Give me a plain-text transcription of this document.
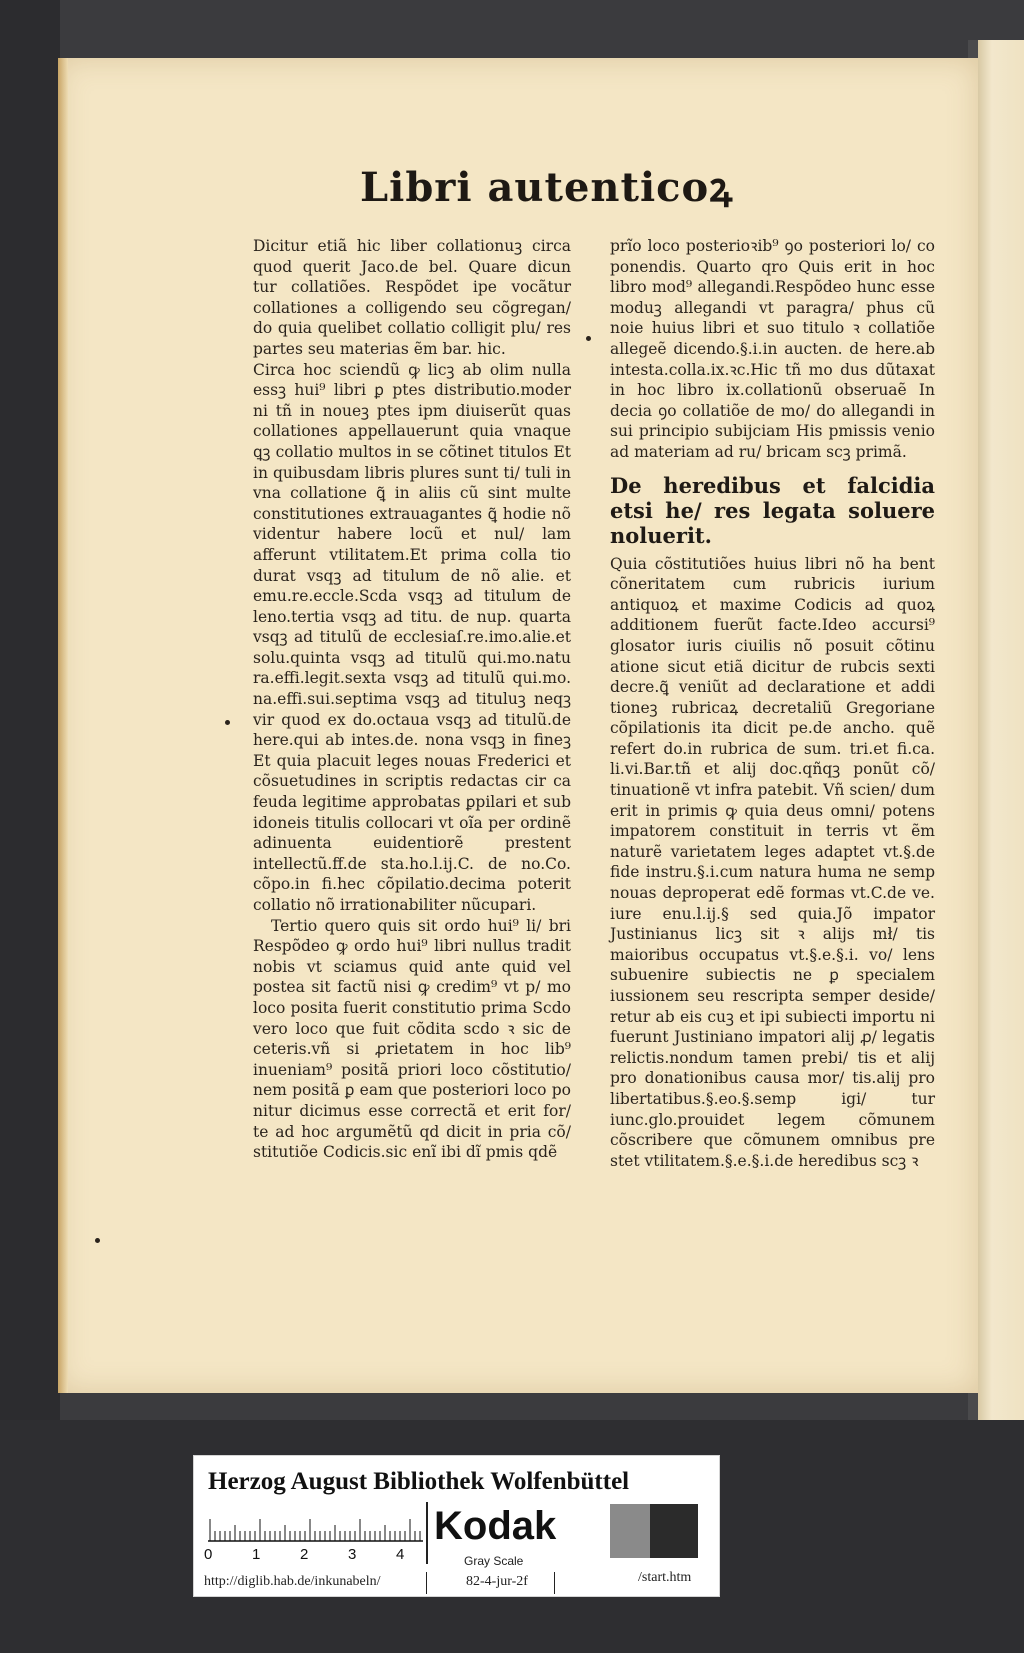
Libri autenticoꝝ

Dicitur etiã hic liber collationuꝫ circa quod querit Jaco.de bel. Quare dicun tur collatiões. Respõdet ipe vocãtur collationes a colligendo seu cõgregan/ do quia quelibet collatio colligit plu/ res partes seu materias ẽm bar. hic.

Circa hoc sciendũ ꝙ licꝫ ab olim nulla essꝫ hui⁹ libri ꝑ ptes distributio.moder ni tñ in noueꝫ ptes ipm diuiserũt quas collationes appellauerunt quia vnaque ꝗꝫ collatio multos in se cõtinet titulos Et in quibusdam libris plures sunt ti/ tuli in vna collatione ꝗ̃ in aliis cũ sint multe constitutiones extrauagantes ꝗ̃ hodie nõ videntur habere locũ et nul/ lam afferunt vtilitatem.Et prima colla tio durat vsqꝫ ad titulum de nõ alie. et emu.re.eccle.Scda vsqꝫ ad titulum de leno.tertia vsqꝫ ad titu. de nup. quarta vsqꝫ ad titulũ de ecclesiaſ.re.imo.alie.et solu.quinta vsqꝫ ad titulũ qui.mo.natu ra.effi.legit.sexta vsqꝫ ad titulũ qui.mo. na.effi.sui.septima vsqꝫ ad tituluꝫ neqꝫ vir quod ex do.octaua vsqꝫ ad titulũ.de here.qui ab intes.de. nona vsqꝫ in fineꝫ Et quia placuit leges nouas Frederici et cõsuetudines in scriptis redactas cir ca feuda legitime approbatas ꝑpilari et sub idoneis titulis collocari vt oĩa per ordinẽ adinuenta euidentiorẽ prestent intellectũ.ff.de sta.ho.l.ij.C. de no.Co. cõpo.in fi.hec cõpilatio.decima poterit collatio nõ irrationabiliter nũcupari.

Tertio quero quis sit ordo hui⁹ li/ bri Respõdeo ꝙ ordo hui⁹ libri nullus tradit nobis vt sciamus quid ante quid vel postea sit factũ nisi ꝙ credim⁹ vt p/ mo loco posita fuerit constitutio prima Scdo vero loco que fuit cõdita scdo ꝛ sic de ceteris.vñ si ꝓrietatem in hoc lib⁹ inueniam⁹ positã priori loco cõstitutio/ nem positã ꝑ eam que posteriori loco po nitur dicimus esse correctã et erit for/ te ad hoc argumẽtũ qd dicit in pria cõ/ stitutiõe Codicis.sic enĩ ibi dĩ pmis qdẽ

prĩo loco posterioꝛib⁹ ꝯo posteriori lo/ co ponendis. Quarto qro Quis erit in hoc libro mod⁹ allegandi.Respõdeo hunc esse moduꝫ allegandi vt paragra/ phus cũ noie huius libri et suo titulo ꝛ collatiõe allegeẽ dicendo.§.i.in aucten. de here.ab intesta.colla.ix.ꝛc.Hic tñ mo dus dũtaxat in hoc libro ix.collationũ obseruaẽ In decia ꝯo collatiõe de mo/ do allegandi in sui principio subijciam His pmissis venio ad materiam ad ru/ bricam scꝫ primã.

De heredibus et falcidia etsi he/ res legata soluere noluerit.

Quia cõstitutiões huius libri nõ ha bent cõneritatem cum rubricis iurium antiquoꝝ et maxime Codicis ad quoꝝ additionem fuerũt facte.Ideo accursi⁹ glosator iuris ciuilis nõ posuit cõtinu atione sicut etiã dicitur de rubcis sexti decre.ꝗ̃ veniũt ad declaratione et addi tioneꝫ rubricaꝝ decretaliũ Gregoriane cõpilationis ita dicit pe.de ancho. quẽ refert do.in rubrica de sum. tri.et fi.ca. li.vi.Bar.tñ et alij doc.qñqꝫ ponũt cõ/ tinuationẽ vt infra patebit. Vñ scien/ dum erit in primis ꝙ quia deus omni/ potens impatorem constituit in terris vt ẽm naturẽ varietatem leges adaptet vt.§.de fide instru.§.i.cum natura huma ne semp nouas deproperat edẽ formas vt.C.de ve. iure enu.l.ij.§ sed quia.Jõ impator Justinianus licꝫ sit ꝛ alijs mł/ tis maioribus occupatus vt.§.e.§.i. vo/ lens subuenire subiectis ne ꝑ specialem iussionem seu rescripta semper deside/ retur ab eis cuꝫ et ipi subiecti importu ni fuerunt Justiniano impatori alij ꝓ/ legatis relictis.nondum tamen prebi/ tis et alij pro donationibus causa mor/ tis.alij pro libertatibus.§.eo.§.semp igi/ tur iunc.glo.prouidet legem cõmunem cõscribere que cõmunem omnibus pre stet vtilitatem.§.e.§.i.de heredibus scꝫ ꝛ

Herzog August Bibliothek Wolfenbüttel
0	1	2	3	4
Kodak
Gray Scale
http://diglib.hab.de/inkunabeln/	82-4-jur-2f	/start.htm
